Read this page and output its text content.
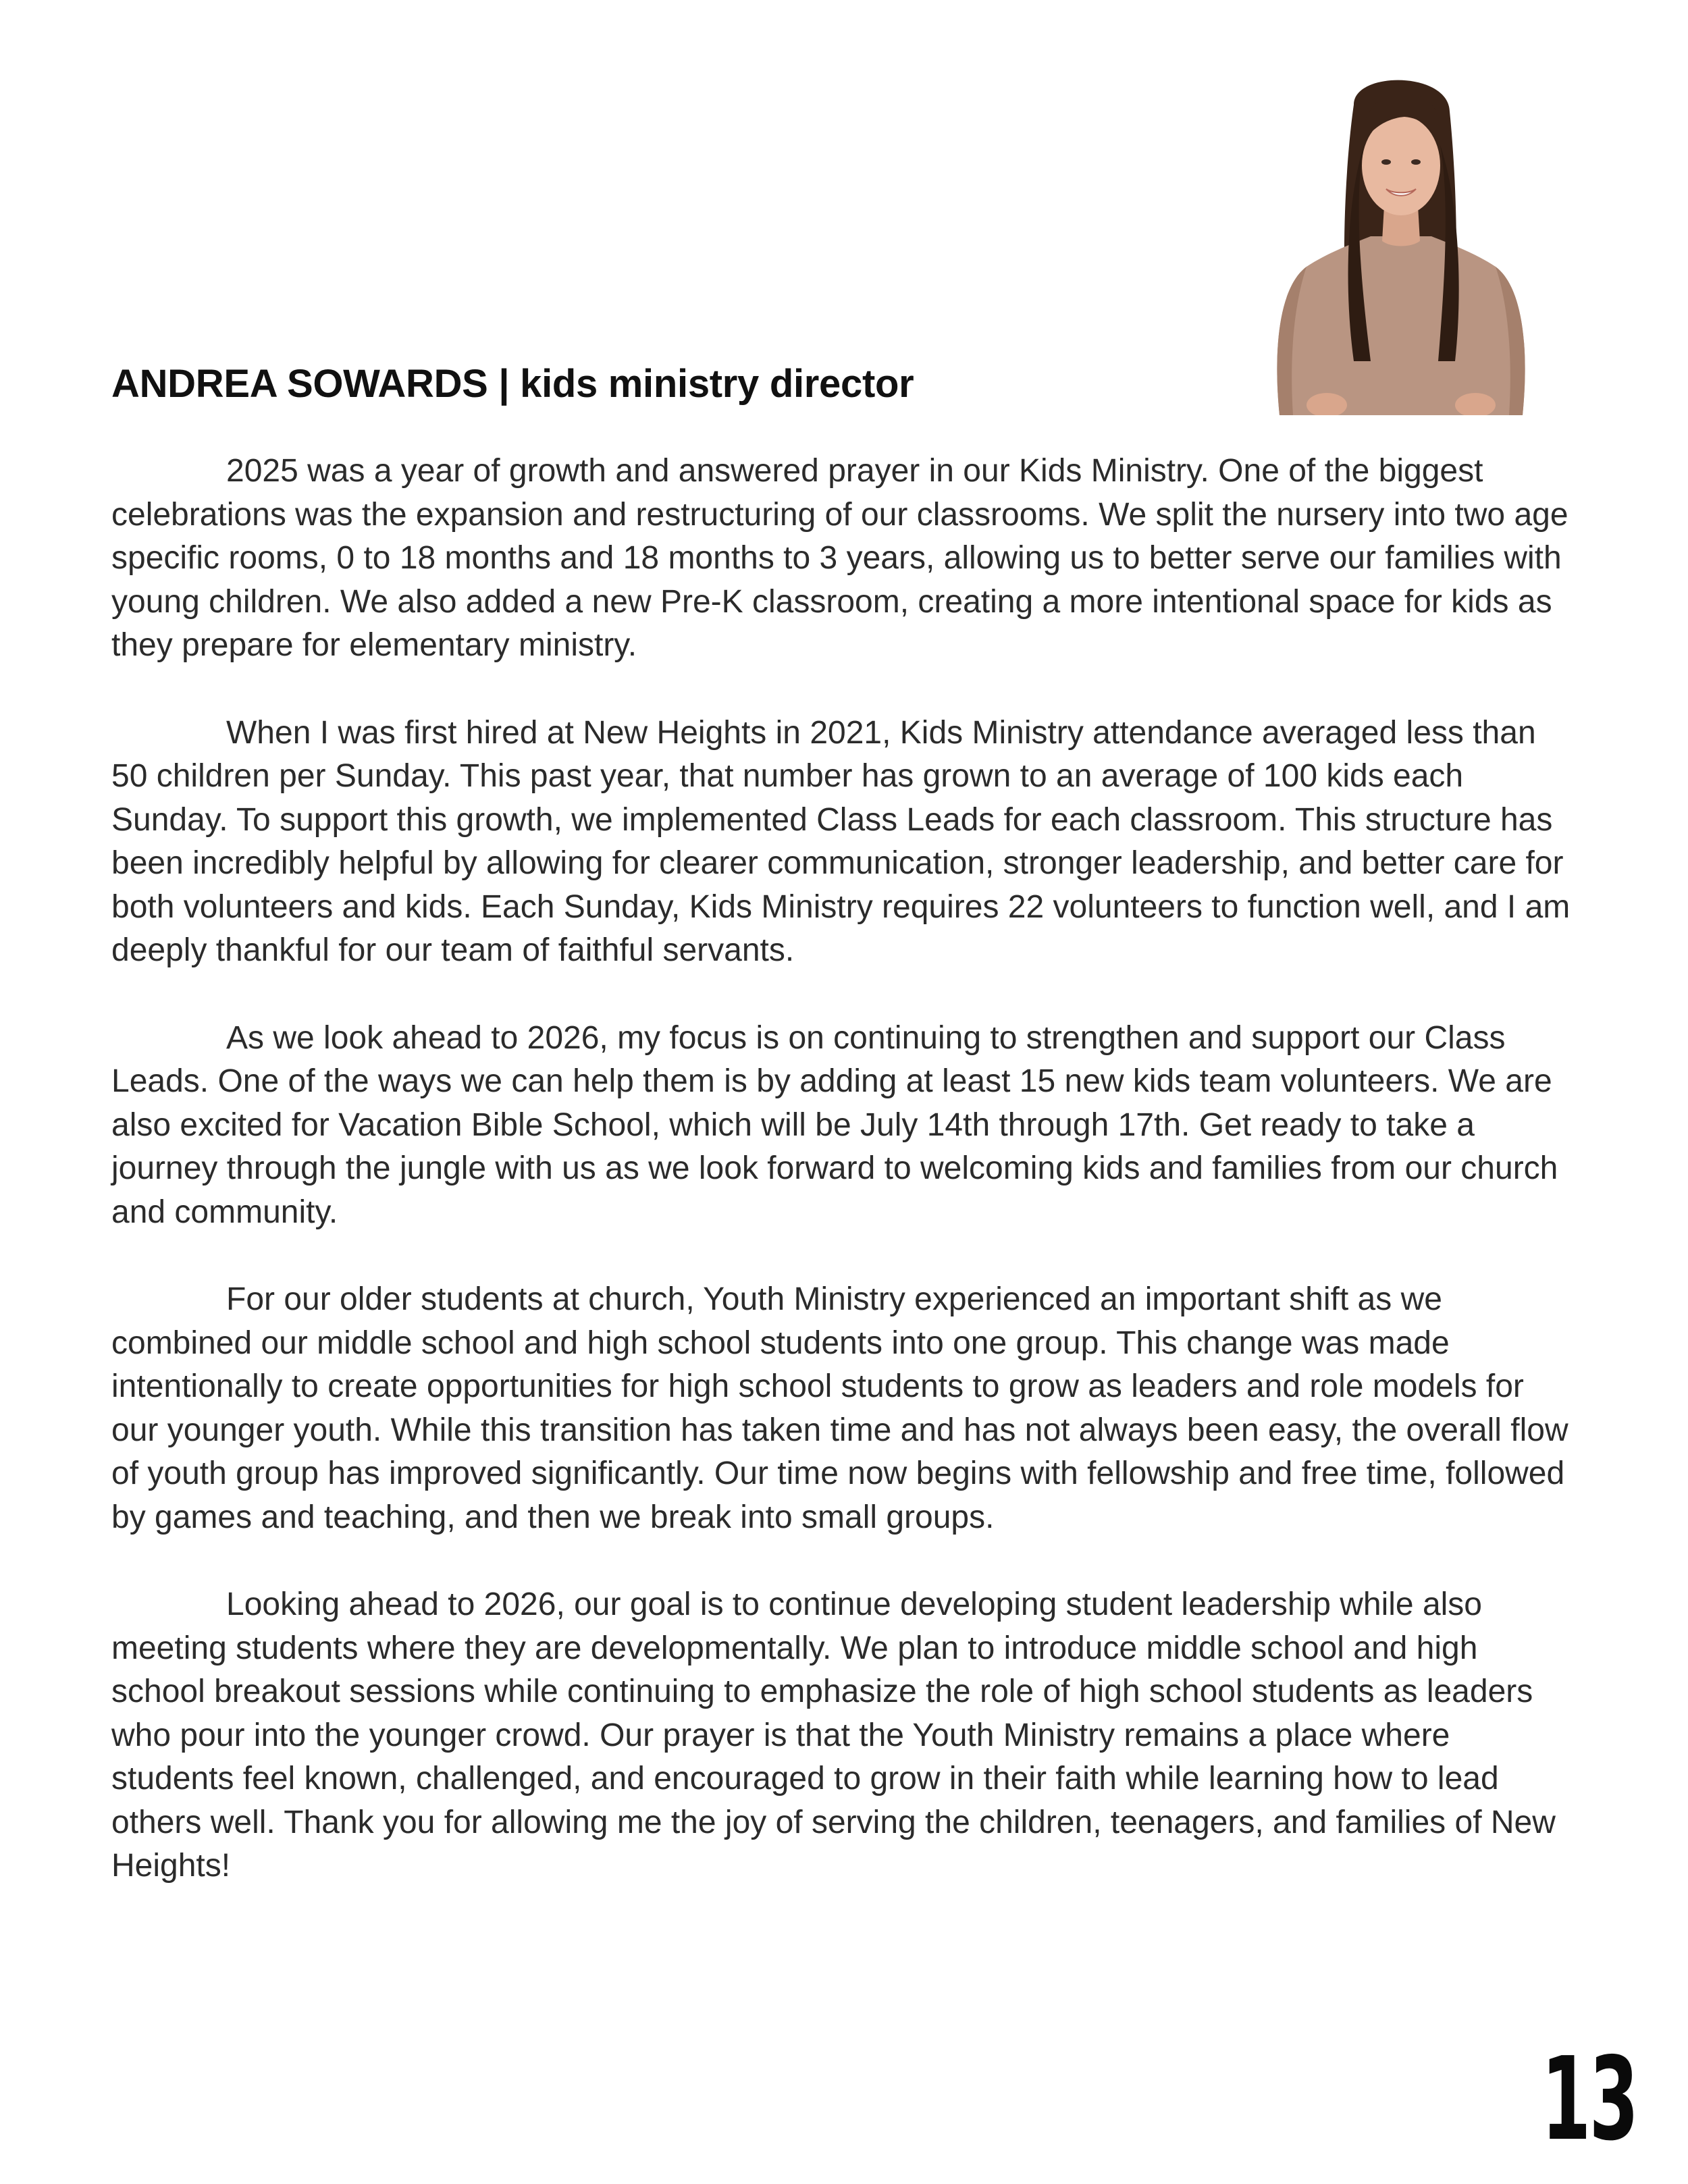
ANDREA SOWARDS | kids ministry director

2025 was a year of growth and answered prayer in our Kids Ministry. One of the biggest celebrations was the expansion and restructuring of our classrooms. We split the nursery into two age specific rooms, 0 to 18 months and 18 months to 3 years, allowing us to better serve our families with young children. We also added a new Pre-K classroom, creating a more intentional space for kids as they prepare for elementary ministry.

When I was first hired at New Heights in 2021, Kids Ministry attendance averaged less than 50 children per Sunday. This past year, that number has grown to an average of 100 kids each Sunday. To support this growth, we implemented Class Leads for each classroom. This structure has been incredibly helpful by allowing for clearer communication, stronger leadership, and better care for both volunteers and kids. Each Sunday, Kids Ministry requires 22 volunteers to function well, and I am deeply thankful for our team of faithful servants.

As we look ahead to 2026, my focus is on continuing to strengthen and support our Class Leads. One of the ways we can help them is by adding at least 15 new kids team volunteers. We are also excited for Vacation Bible School, which will be July 14th through 17th. Get ready to take a journey through the jungle with us as we look forward to welcoming kids and families from our church and community.

For our older students at church, Youth Ministry experienced an important shift as we combined our middle school and high school students into one group. This change was made intentionally to create opportunities for high school students to grow as leaders and role models for our younger youth. While this transition has taken time and has not always been easy, the overall flow of youth group has improved significantly. Our time now begins with fellowship and free time, followed by games and teaching, and then we break into small groups.

Looking ahead to 2026, our goal is to continue developing student leadership while also meeting students where they are developmentally. We plan to introduce middle school and high school breakout sessions while continuing to emphasize the role of high school students as leaders who pour into the younger crowd. Our prayer is that the Youth Ministry remains a place where students feel known, challenged, and encouraged to grow in their faith while learning how to lead others well. Thank you for allowing me the joy of serving the children, teenagers, and families of New Heights!

13
